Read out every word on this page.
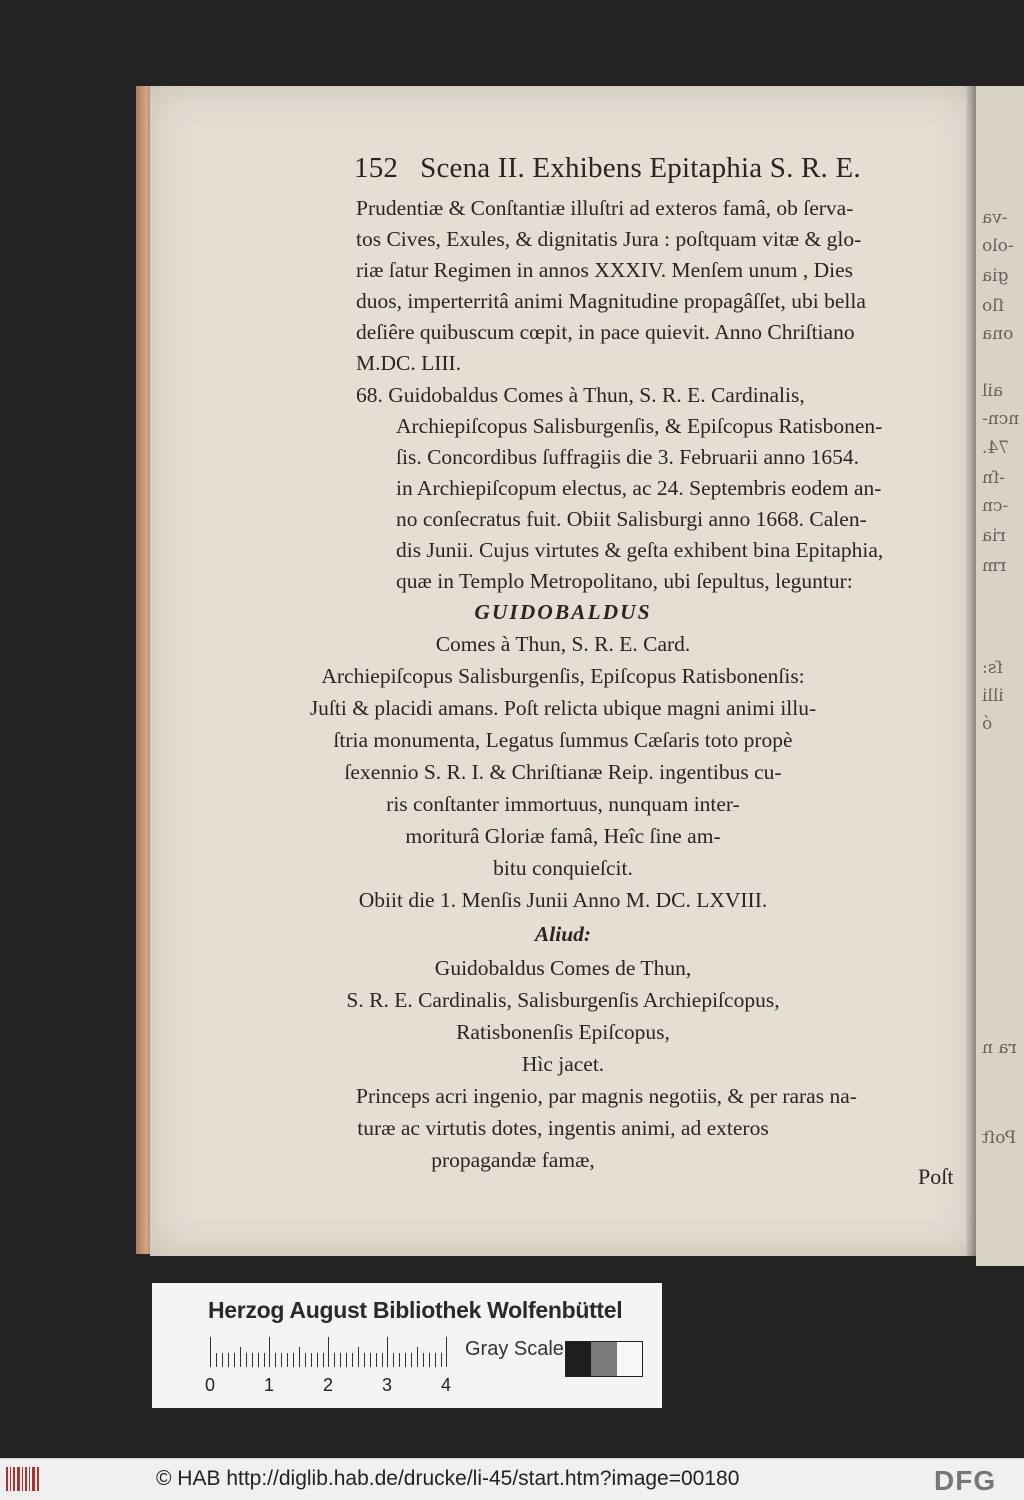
-va
-olo
gia
ſlo
ona
ail
ncn-
74.
-ſn
-cn
ria
rm
ſs:
illi
ó
ra n
Poſt
152 Scena II. Exhibens Epitaphia S. R. E.
Prudentiæ & Conſtantiæ illuſtri ad exteros famâ, ob ſerva-
tos Cives, Exules, & dignitatis Jura : poſtquam vitæ & glo-
riæ ſatur Regimen in annos XXXIV. Menſem unum , Dies
duos, imperterritâ animi Magnitudine propagâſſet, ubi bella
deſiêre quibuscum cœpit, in pace quievit. Anno Chriſtiano
M.DC. LIII.
68. Guidobaldus Comes à Thun, S. R. E. Cardinalis,
Archiepiſcopus Salisburgenſis, & Epiſcopus Ratisbonen-
ſis. Concordibus ſuffragiis die 3. Februarii anno 1654.
in Archiepiſcopum electus, ac 24. Septembris eodem an-
no conſecratus fuit. Obiit Salisburgi anno 1668. Calen-
dis Junii. Cujus virtutes & geſta exhibent bina Epitaphia,
quæ in Templo Metropolitano, ubi ſepultus, leguntur:
GUIDOBALDUS
Comes à Thun, S. R. E. Card.
Archiepiſcopus Salisburgenſis, Epiſcopus Ratisbonenſis:
Juſti & placidi amans. Poſt relicta ubique magni animi illu-
ſtria monumenta, Legatus ſummus Cæſaris toto propè
ſexennio S. R. I. & Chriſtianæ Reip. ingentibus cu-
ris conſtanter immortuus, nunquam inter-
moriturâ Gloriæ famâ, Heîc ſine am-
bitu conquieſcit.
Obiit die 1. Menſis Junii Anno M. DC. LXVIII.
Aliud:
Guidobaldus Comes de Thun,
S. R. E. Cardinalis, Salisburgenſis Archiepiſcopus,
Ratisbonenſis Epiſcopus,
Hìc jacet.
Princeps acri ingenio, par magnis negotiis, & per raras na-
turæ ac virtutis dotes, ingentis animi, ad exteros
propagandæ famæ,
Poſt
Herzog August Bibliothek Wolfenbüttel
0	1	2	3	4
Gray Scale
© HAB http://diglib.hab.de/drucke/li-45/start.htm?image=00180	DFG
